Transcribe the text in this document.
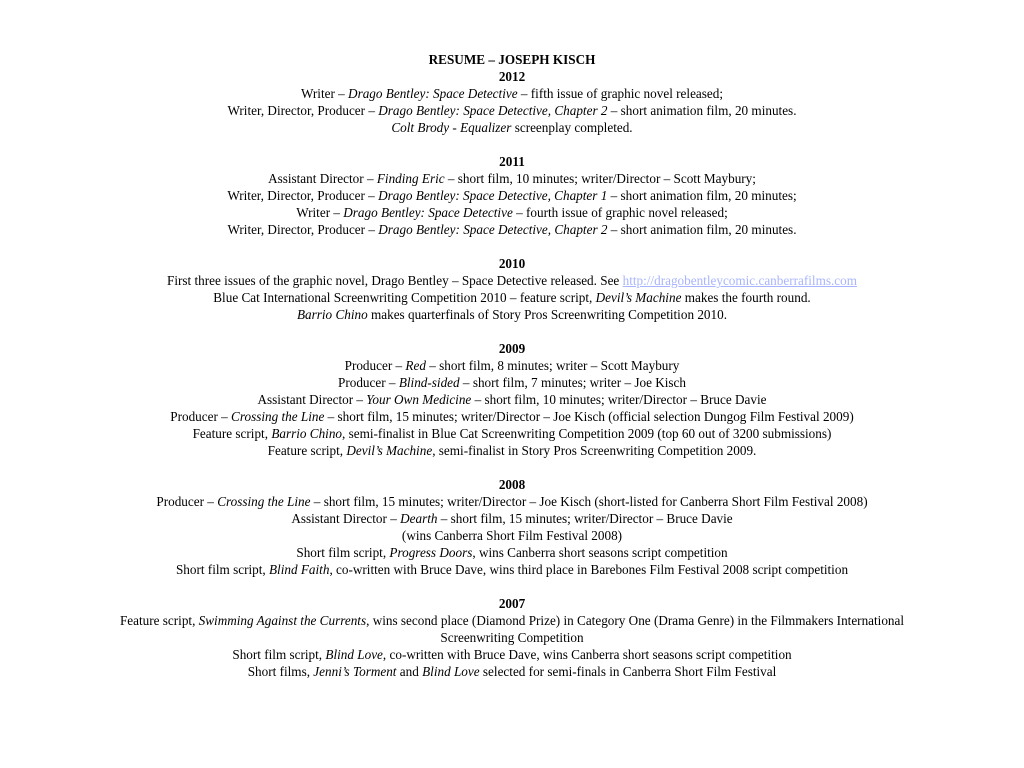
RESUME – JOSEPH KISCH
2012
Writer – Drago Bentley: Space Detective – fifth issue of graphic novel released;
Writer, Director, Producer – Drago Bentley: Space Detective, Chapter 2 – short animation film, 20 minutes.
Colt Brody - Equalizer screenplay completed.
2011
Assistant Director – Finding Eric – short film, 10 minutes; writer/Director – Scott Maybury;
Writer, Director, Producer – Drago Bentley: Space Detective, Chapter 1 – short animation film, 20 minutes;
Writer – Drago Bentley: Space Detective – fourth issue of graphic novel released;
Writer, Director, Producer – Drago Bentley: Space Detective, Chapter 2 – short animation film, 20 minutes.
2010
First three issues of the graphic novel, Drago Bentley – Space Detective released. See http://dragobentleycomic.canberrafilms.com
Blue Cat International Screenwriting Competition 2010 – feature script, Devil’s Machine makes the fourth round.
Barrio Chino makes quarterfinals of Story Pros Screenwriting Competition 2010.
2009
Producer – Red – short film, 8 minutes; writer – Scott Maybury
Producer – Blind-sided – short film, 7 minutes; writer – Joe Kisch
Assistant Director – Your Own Medicine – short film, 10 minutes; writer/Director – Bruce Davie
Producer – Crossing the Line – short film, 15 minutes; writer/Director – Joe Kisch (official selection Dungog Film Festival 2009)
Feature script, Barrio Chino, semi-finalist in Blue Cat Screenwriting Competition 2009 (top 60 out of 3200 submissions)
Feature script, Devil’s Machine, semi-finalist in Story Pros Screenwriting Competition 2009.
2008
Producer – Crossing the Line – short film, 15 minutes; writer/Director – Joe Kisch (short-listed for Canberra Short Film Festival 2008)
Assistant Director – Dearth – short film, 15 minutes; writer/Director – Bruce Davie
(wins Canberra Short Film Festival 2008)
Short film script, Progress Doors, wins Canberra short seasons script competition
Short film script, Blind Faith, co-written with Bruce Dave, wins third place in Barebones Film Festival 2008 script competition
2007
Feature script, Swimming Against the Currents, wins second place (Diamond Prize) in Category One (Drama Genre) in the Filmmakers International
Screenwriting Competition
Short film script, Blind Love, co-written with Bruce Dave, wins Canberra short seasons script competition
Short films, Jenni’s Torment and Blind Love selected for semi-finals in Canberra Short Film Festival
